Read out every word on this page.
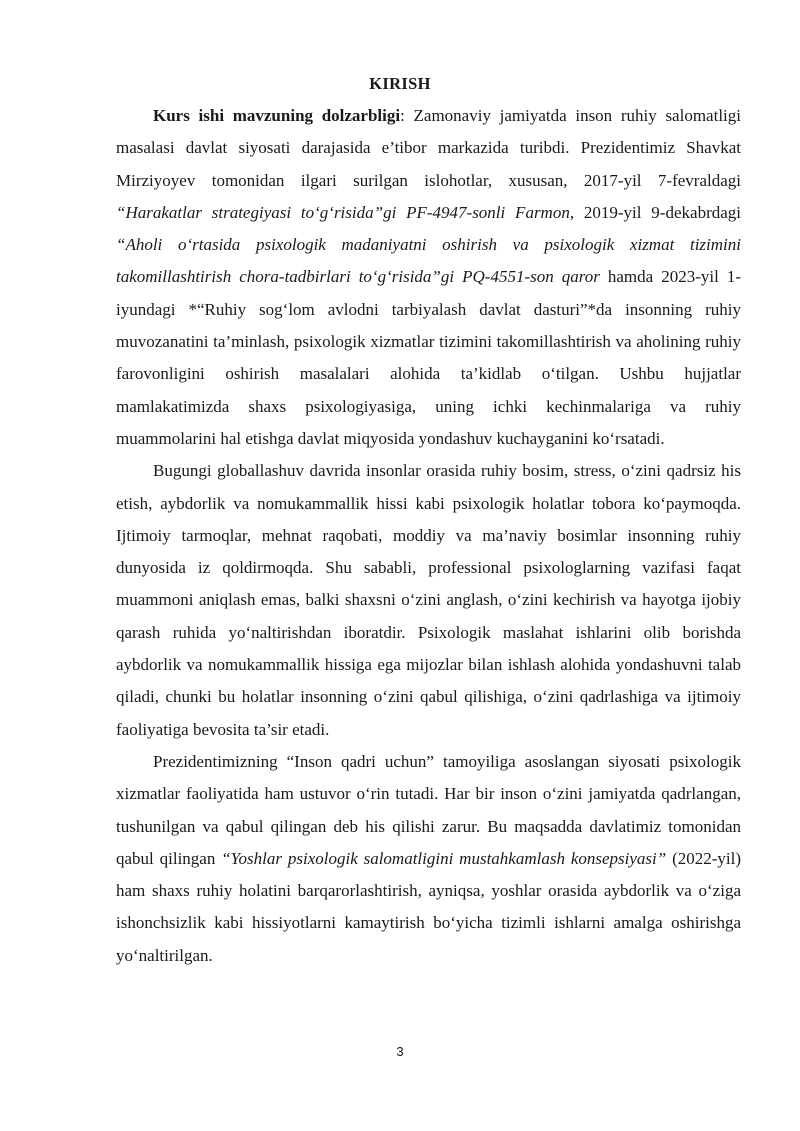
KIRISH

Kurs ishi mavzuning dolzarbligi: Zamonaviy jamiyatda inson ruhiy salomatligi masalasi davlat siyosati darajasida e’tibor markazida turibdi. Prezidentimiz Shavkat Mirziyoyev tomonidan ilgari surilgan islohotlar, xususan, 2017-yil 7-fevraldagi “Harakatlar strategiyasi to‘g‘risida”gi PF-4947-sonli Farmon, 2019-yil 9-dekabrdagi “Aholi o‘rtasida psixologik madaniyatni oshirish va psixologik xizmat tizimini takomillashtirish chora-tadbirlari to‘g‘risida”gi PQ-4551-son qaror hamda 2023-yil 1-iyundagi *“Ruhiy sog‘lom avlodni tarbiyalash davlat dasturi”*da insonning ruhiy muvozanatini ta’minlash, psixologik xizmatlar tizimini takomillashtirish va aholining ruhiy farovonligini oshirish masalalari alohida ta’kidlab o‘tilgan. Ushbu hujjatlar mamlakatimizda shaxs psixologiyasiga, uning ichki kechinmalariga va ruhiy muammolarini hal etishga davlat miqyosida yondashuv kuchayganini ko‘rsatadi.

Bugungi globallashuv davrida insonlar orasida ruhiy bosim, stress, o‘zini qadrsiz his etish, aybdorlik va nomukammallik hissi kabi psixologik holatlar tobora ko‘paymoqda. Ijtimoiy tarmoqlar, mehnat raqobati, moddiy va ma’naviy bosimlar insonning ruhiy dunyosida iz qoldirmoqda. Shu sababli, professional psixologlarning vazifasi faqat muammoni aniqlash emas, balki shaxsni o‘zini anglash, o‘zini kechirish va hayotga ijobiy qarash ruhida yo‘naltirishdan iboratdir. Psixologik maslahat ishlarini olib borishda aybdorlik va nomukammallik hissiga ega mijozlar bilan ishlash alohida yondashuvni talab qiladi, chunki bu holatlar insonning o‘zini qabul qilishiga, o‘zini qadrlashiga va ijtimoiy faoliyatiga bevosita ta’sir etadi.

Prezidentimizning “Inson qadri uchun” tamoyiliga asoslangan siyosati psixologik xizmatlar faoliyatida ham ustuvor o‘rin tutadi. Har bir inson o‘zini jamiyatda qadrlangan, tushunilgan va qabul qilingan deb his qilishi zarur. Bu maqsadda davlatimiz tomonidan qabul qilingan “Yoshlar psixologik salomatligini mustahkamlash konsepsiyasi” (2022-yil) ham shaxs ruhiy holatini barqarorlashtirish, ayniqsa, yoshlar orasida aybdorlik va o‘ziga ishonchsizlik kabi hissiyotlarni kamaytirish bo‘yicha tizimli ishlarni amalga oshirishga yo‘naltirilgan.

3
